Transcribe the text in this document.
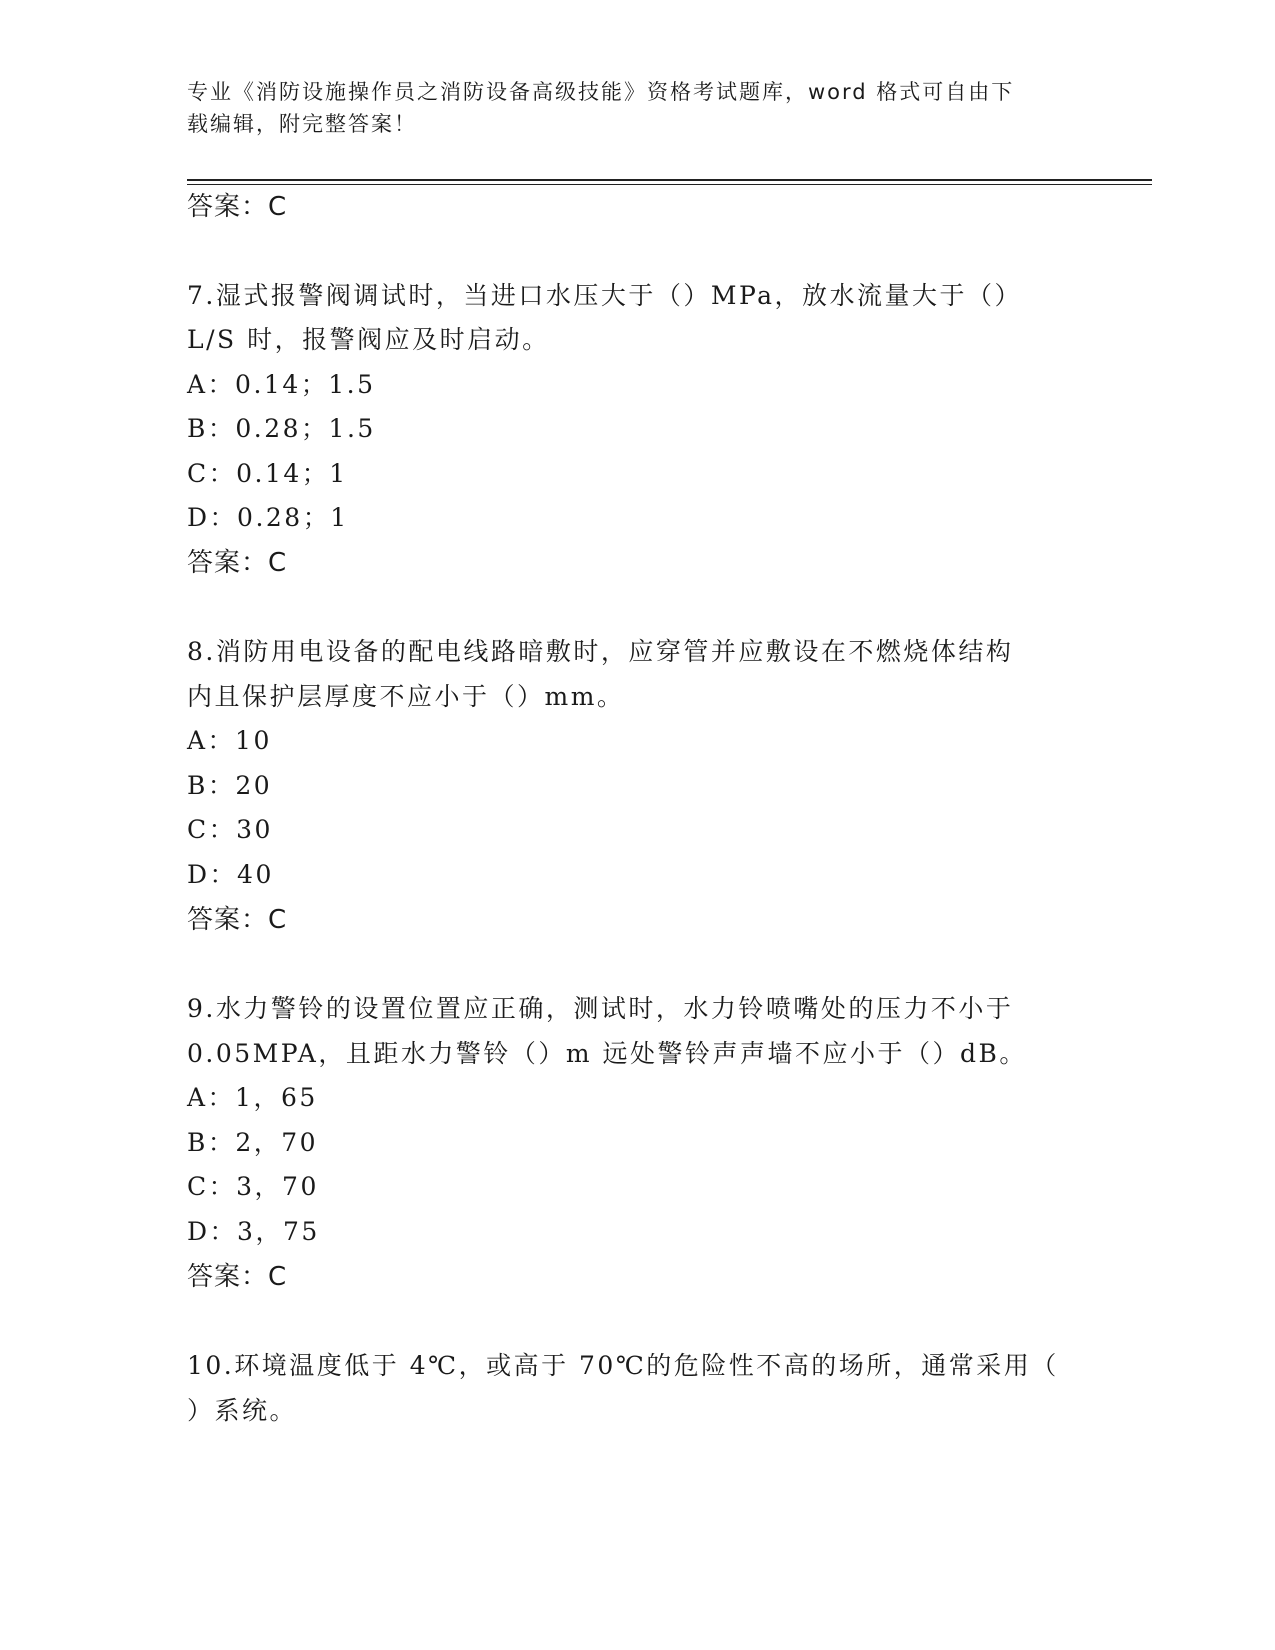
专业《消防设施操作员之消防设备高级技能》资格考试题库，word 格式可自由下
载编辑，附完整答案！
答案：C
7.湿式报警阀调试时，当进口水压大于（）MPa，放水流量大于（）
L/S 时，报警阀应及时启动。
A：0.14；1.5
B：0.28；1.5
C：0.14；1
D：0.28；1
答案：C
8.消防用电设备的配电线路暗敷时，应穿管并应敷设在不燃烧体结构
内且保护层厚度不应小于（）mm。
A：10
B：20
C：30
D：40
答案：C
9.水力警铃的设置位置应正确，测试时，水力铃喷嘴处的压力不小于
0.05MPA，且距水力警铃（）m 远处警铃声声墙不应小于（）dB。
A：1，65
B：2，70
C：3，70
D：3，75
答案：C
10.环境温度低于 4℃，或高于 70℃的危险性不高的场所，通常采用（
）系统。
